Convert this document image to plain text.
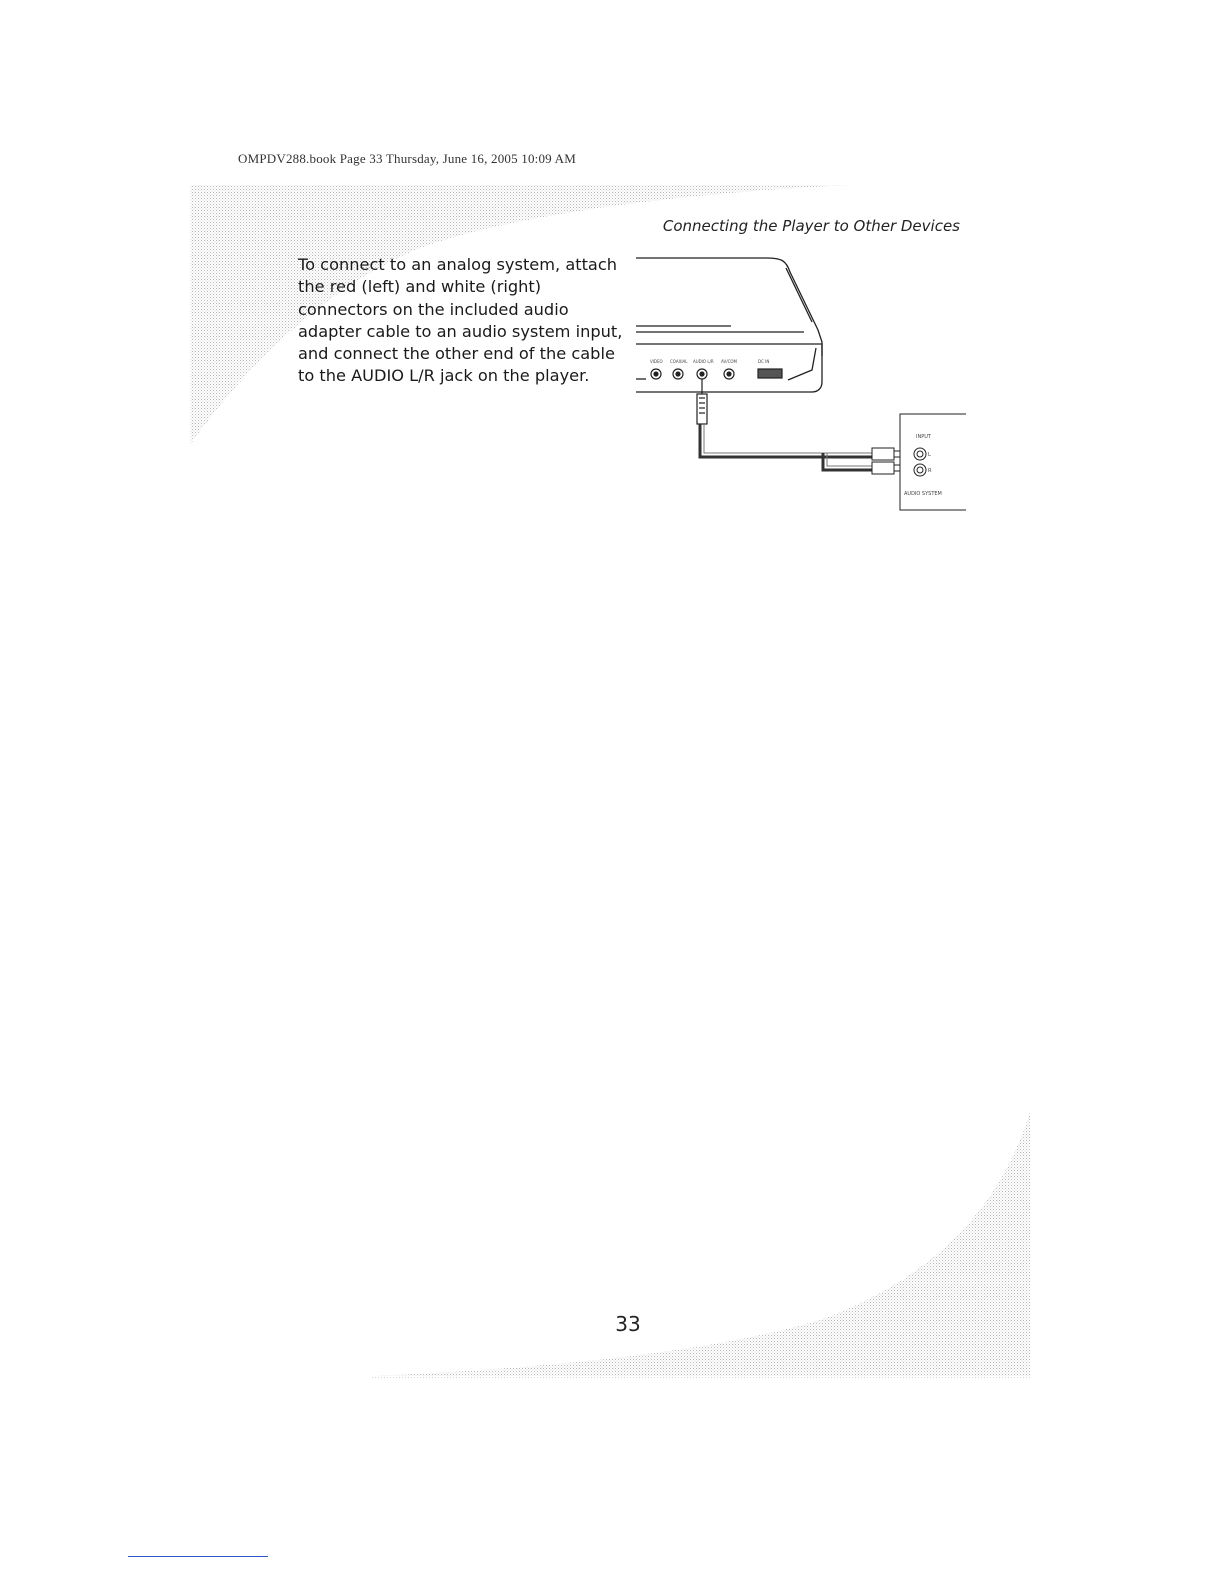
OMPDV288.book Page 33 Thursday, June 16, 2005 10:09 AM
Connecting the Player to Other Devices
To connect to an analog system, attach
the red (left) and white (right)
connectors on the included audio
adapter cable to an audio system input,
and connect the other end of the cable
to the AUDIO L/R jack on the player.
VIDEO COAXIAL AUDIO L/R AV/COM	DC IN
INPUT
L
R
AUDIO SYSTEM
33
